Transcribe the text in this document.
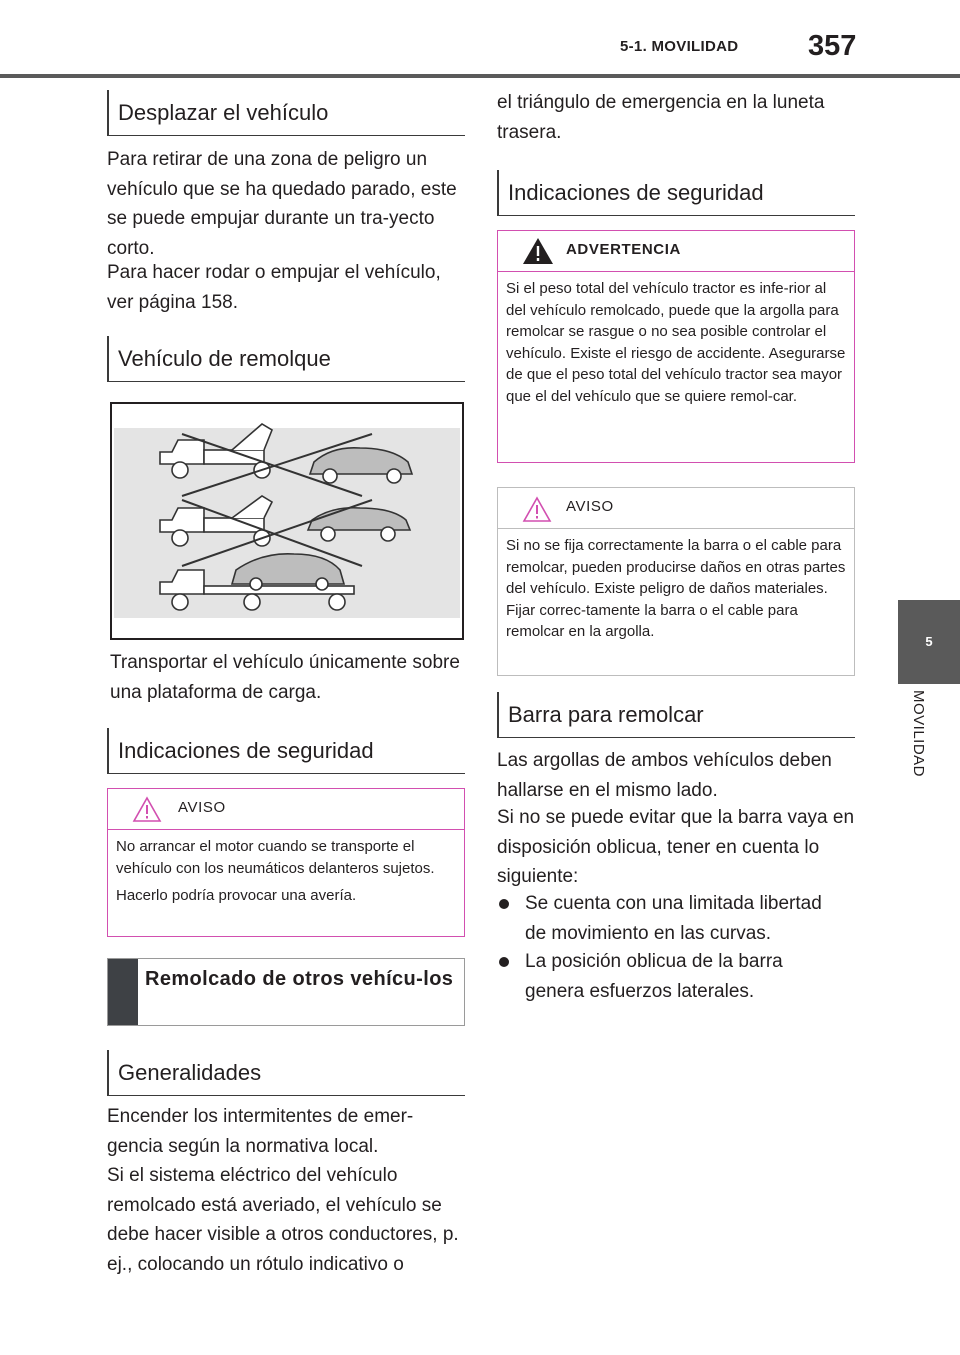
5-1. MOVILIDAD 357
5
MOVILIDAD
Desplazar el vehículo

Para retirar de una zona de peligro un vehículo que se ha quedado parado, este se puede empujar durante un tra-yecto corto.

Para hacer rodar o empujar el vehículo, ver página 158.

Vehículo de remolque

Transportar el vehículo únicamente sobre una plataforma de carga.

Indicaciones de seguridad
AVISO

No arrancar el motor cuando se transporte el vehículo con los neumáticos delanteros sujetos.

Hacerlo podría provocar una avería.

Remolcado de otros vehícu-los
Generalidades

Encender los intermitentes de emer-gencia según la normativa local.

Si el sistema eléctrico del vehículo remolcado está averiado, el vehículo se debe hacer visible a otros conductores, p. ej., colocando un rótulo indicativo o

el triángulo de emergencia en la luneta trasera.

Indicaciones de seguridad
ADVERTENCIA

Si el peso total del vehículo tractor es infe-rior al del vehículo remolcado, puede que la argolla para remolcar se rasgue o no sea posible controlar el vehículo. Existe el riesgo de accidente. Asegurarse de que el peso total del vehículo tractor sea mayor que el del vehículo que se quiere remol-car.

AVISO

Si no se fija correctamente la barra o el cable para remolcar, pueden producirse daños en otras partes del vehículo. Existe peligro de daños materiales. Fijar correc-tamente la barra o el cable para remolcar en la argolla.

Barra para remolcar

Las argollas de ambos vehículos deben hallarse en el mismo lado.

Si no se puede evitar que la barra vaya en disposición oblicua, tener en cuenta lo siguiente:

Se cuenta con una limitada libertad de movimiento en las curvas.
La posición oblicua de la barra genera esfuerzos laterales.
